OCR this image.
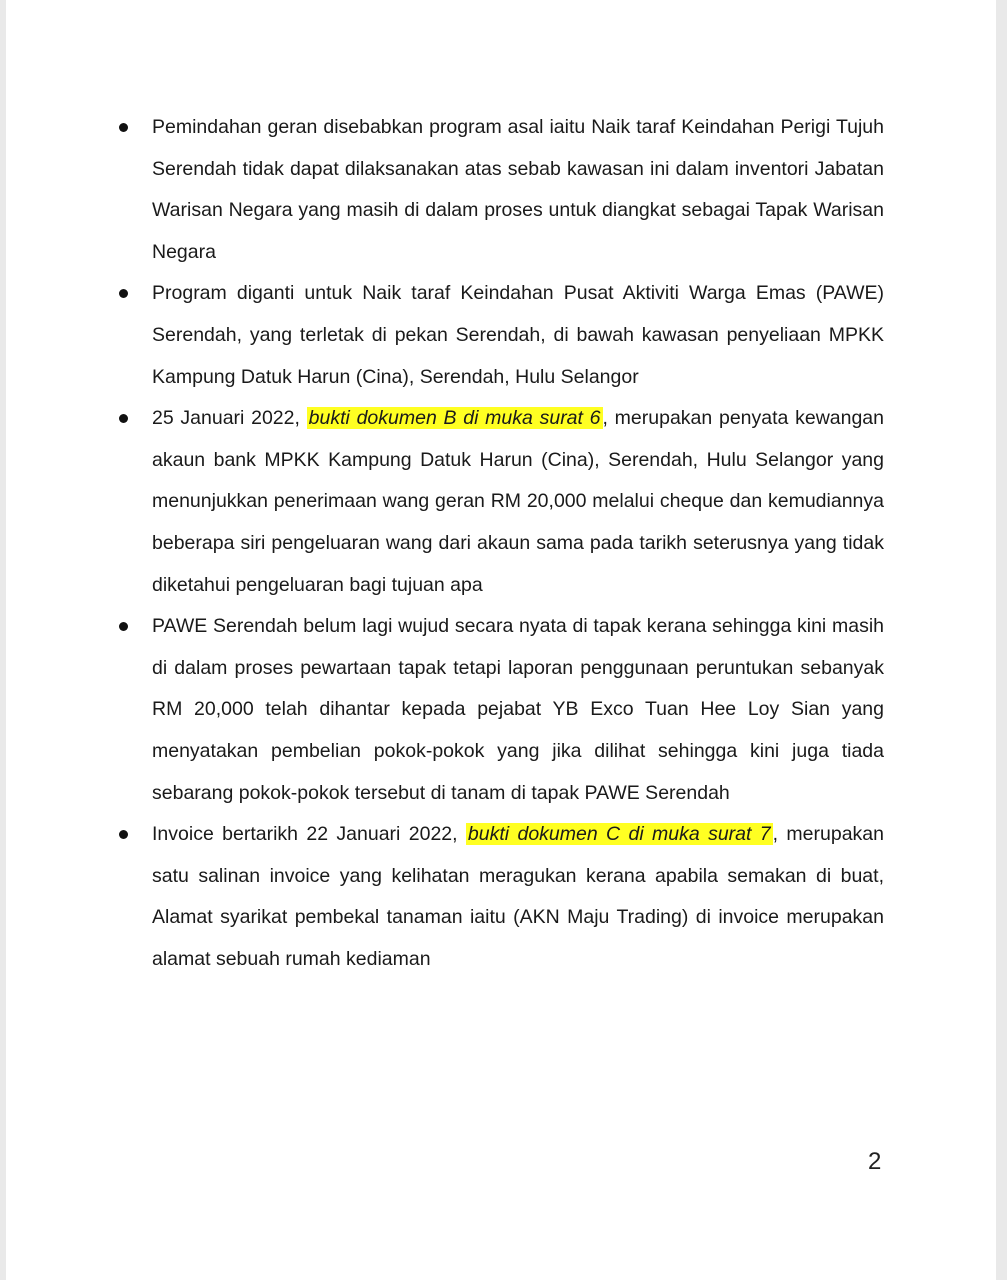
Pemindahan geran disebabkan program asal iaitu Naik taraf Keindahan Perigi Tujuh Serendah tidak dapat dilaksanakan atas sebab kawasan ini dalam inventori Jabatan Warisan Negara yang masih di dalam proses untuk diangkat sebagai Tapak Warisan Negara
Program diganti untuk Naik taraf Keindahan Pusat Aktiviti Warga Emas (PAWE) Serendah, yang terletak di pekan Serendah, di bawah kawasan penyeliaan MPKK Kampung Datuk Harun (Cina), Serendah, Hulu Selangor
25 Januari 2022, bukti dokumen B di muka surat 6 , merupakan penyata kewangan akaun bank MPKK Kampung Datuk Harun (Cina), Serendah, Hulu Selangor yang menunjukkan penerimaan wang geran RM 20,000 melalui cheque dan kemudiannya beberapa siri pengeluaran wang dari akaun sama pada tarikh seterusnya yang tidak diketahui pengeluaran bagi tujuan apa
PAWE Serendah belum lagi wujud secara nyata di tapak kerana sehingga kini masih di dalam proses pewartaan tapak tetapi laporan penggunaan peruntukan sebanyak RM 20,000 telah dihantar kepada pejabat YB Exco Tuan Hee Loy Sian yang menyatakan pembelian pokok-pokok yang jika dilihat sehingga kini juga tiada sebarang pokok-pokok tersebut di tanam di tapak PAWE Serendah
Invoice bertarikh 22 Januari 2022, bukti dokumen C di muka surat 7 , merupakan satu salinan invoice yang kelihatan meragukan kerana apabila semakan di buat, Alamat syarikat pembekal tanaman iaitu (AKN Maju Trading) di invoice merupakan alamat sebuah rumah kediaman
2
